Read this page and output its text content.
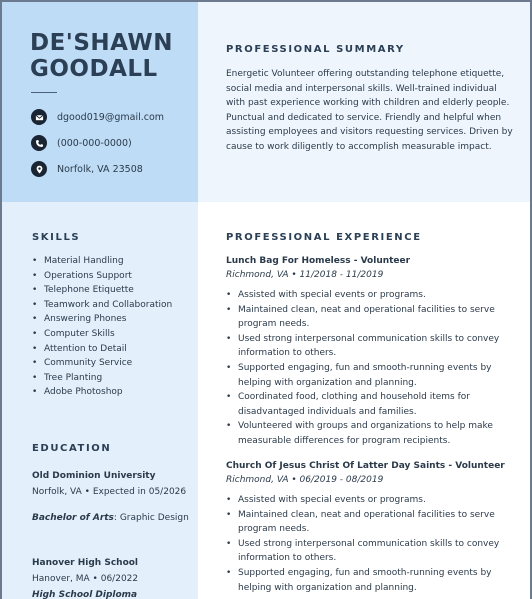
DE'SHAWN
GOODALL
dgood019@gmail.com
(000-000-0000)
Norfolk, VA 23508
PROFESSIONAL SUMMARY
Energetic Volunteer offering outstanding telephone etiquette, social media and interpersonal skills. Well-trained individual with past experience working with children and elderly people. Punctual and dedicated to service. Friendly and helpful when assisting employees and visitors requesting services. Driven by cause to work diligently to accomplish measurable impact.
SKILLS
• Material Handling
• Operations Support
• Telephone Etiquette
• Teamwork and Collaboration
• Answering Phones
• Computer Skills
• Attention to Detail
• Community Service
• Tree Planting
• Adobe Photoshop
EDUCATION
Old Dominion University
Norfolk, VA • Expected in 05/2026
Bachelor of Arts: Graphic Design
Hanover High School
Hanover, MA • 06/2022
High School Diploma
PROFESSIONAL EXPERIENCE
Lunch Bag For Homeless - Volunteer
Richmond, VA • 11/2018 - 11/2019
• Assisted with special events or programs.
• Maintained clean, neat and operational facilities to serve program needs.
• Used strong interpersonal communication skills to convey information to others.
• Supported engaging, fun and smooth-running events by helping with organization and planning.
• Coordinated food, clothing and household items for disadvantaged individuals and families.
• Volunteered with groups and organizations to help make measurable differences for program recipients.
Church Of Jesus Christ Of Latter Day Saints - Volunteer
Richmond, VA • 06/2019 - 08/2019
• Assisted with special events or programs.
• Maintained clean, neat and operational facilities to serve program needs.
• Used strong interpersonal communication skills to convey information to others.
• Supported engaging, fun and smooth-running events by helping with organization and planning.
